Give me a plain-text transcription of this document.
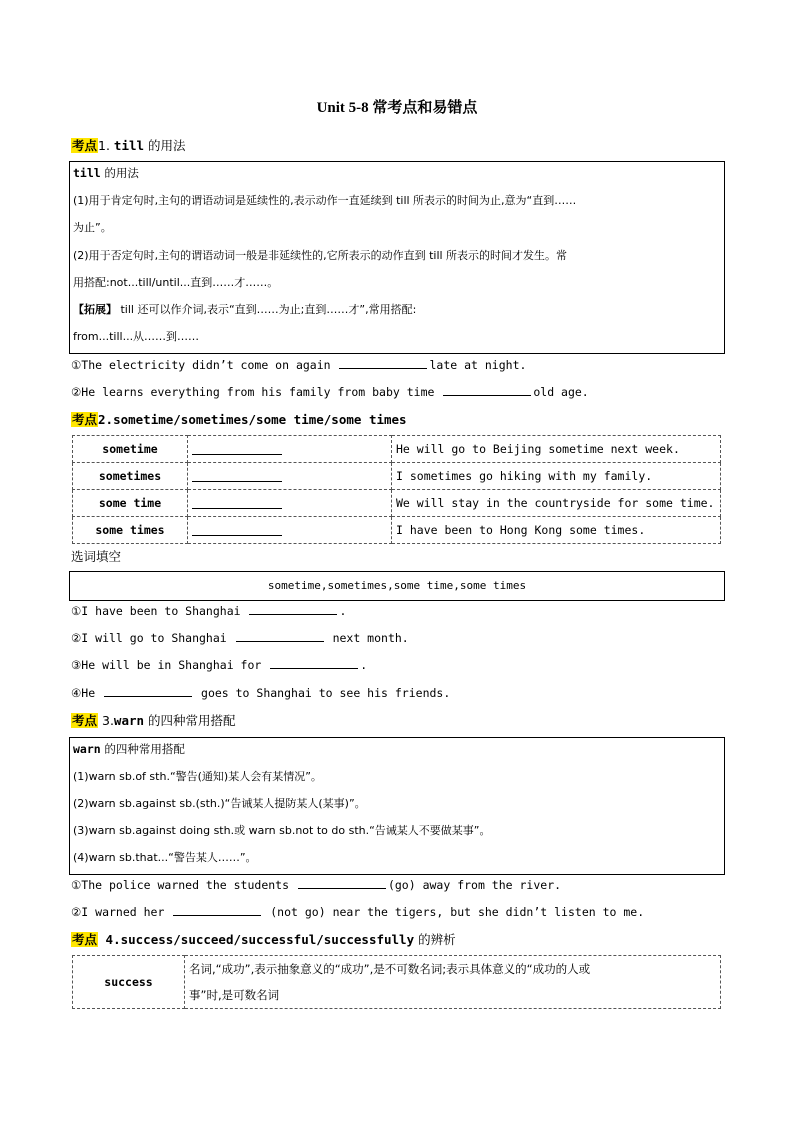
Unit 5-8 常考点和易错点
考点1. till 的用法
till 的用法
(1)用于肯定句时,主句的谓语动词是延续性的,表示动作一直延续到 till 所表示的时间为止,意为“直到……
为止”。
(2)用于否定句时,主句的谓语动词一般是非延续性的,它所表示的动作直到 till 所表示的时间才发生。常
用搭配:not...till/until...直到……才……。
【拓展】 till 还可以作介词,表示“直到……为止;直到……才”,常用搭配:
from...till...从……到……
①The electricity didn’t come on again	late at night.
②He learns everything from his family from baby time	old age.
考点2.sometime/sometimes/some time/some times
sometime		He will go to Beijing sometime next week.
sometimes		I sometimes go hiking with my family.
some time		We will stay in the countryside for some time.
some times		I have been to Hong Kong some times.
选词填空
sometime,sometimes,some time,some times
①I have been to Shanghai	.
②I will go to Shanghai	next month.
③He will be in Shanghai for	.
④He	goes to Shanghai to see his friends.
考点 3.warn 的四种常用搭配
warn 的四种常用搭配
(1)warn sb.of sth.“警告(通知)某人会有某情况”。
(2)warn sb.against sb.(sth.)“告诫某人提防某人(某事)”。
(3)warn sb.against doing sth.或 warn sb.not to do sth.“告诫某人不要做某事”。
(4)warn sb.that...“警告某人……”。
①The police warned the students	(go) away from the river.
②I warned her	(not go) near the tigers, but she didn’t listen to me.
考点 4.success/succeed/successful/successfully 的辨析
success	
名词,“成功”,表示抽象意义的“成功”,是不可数名词;表示具体意义的“成功的人或
事”时,是可数名词
